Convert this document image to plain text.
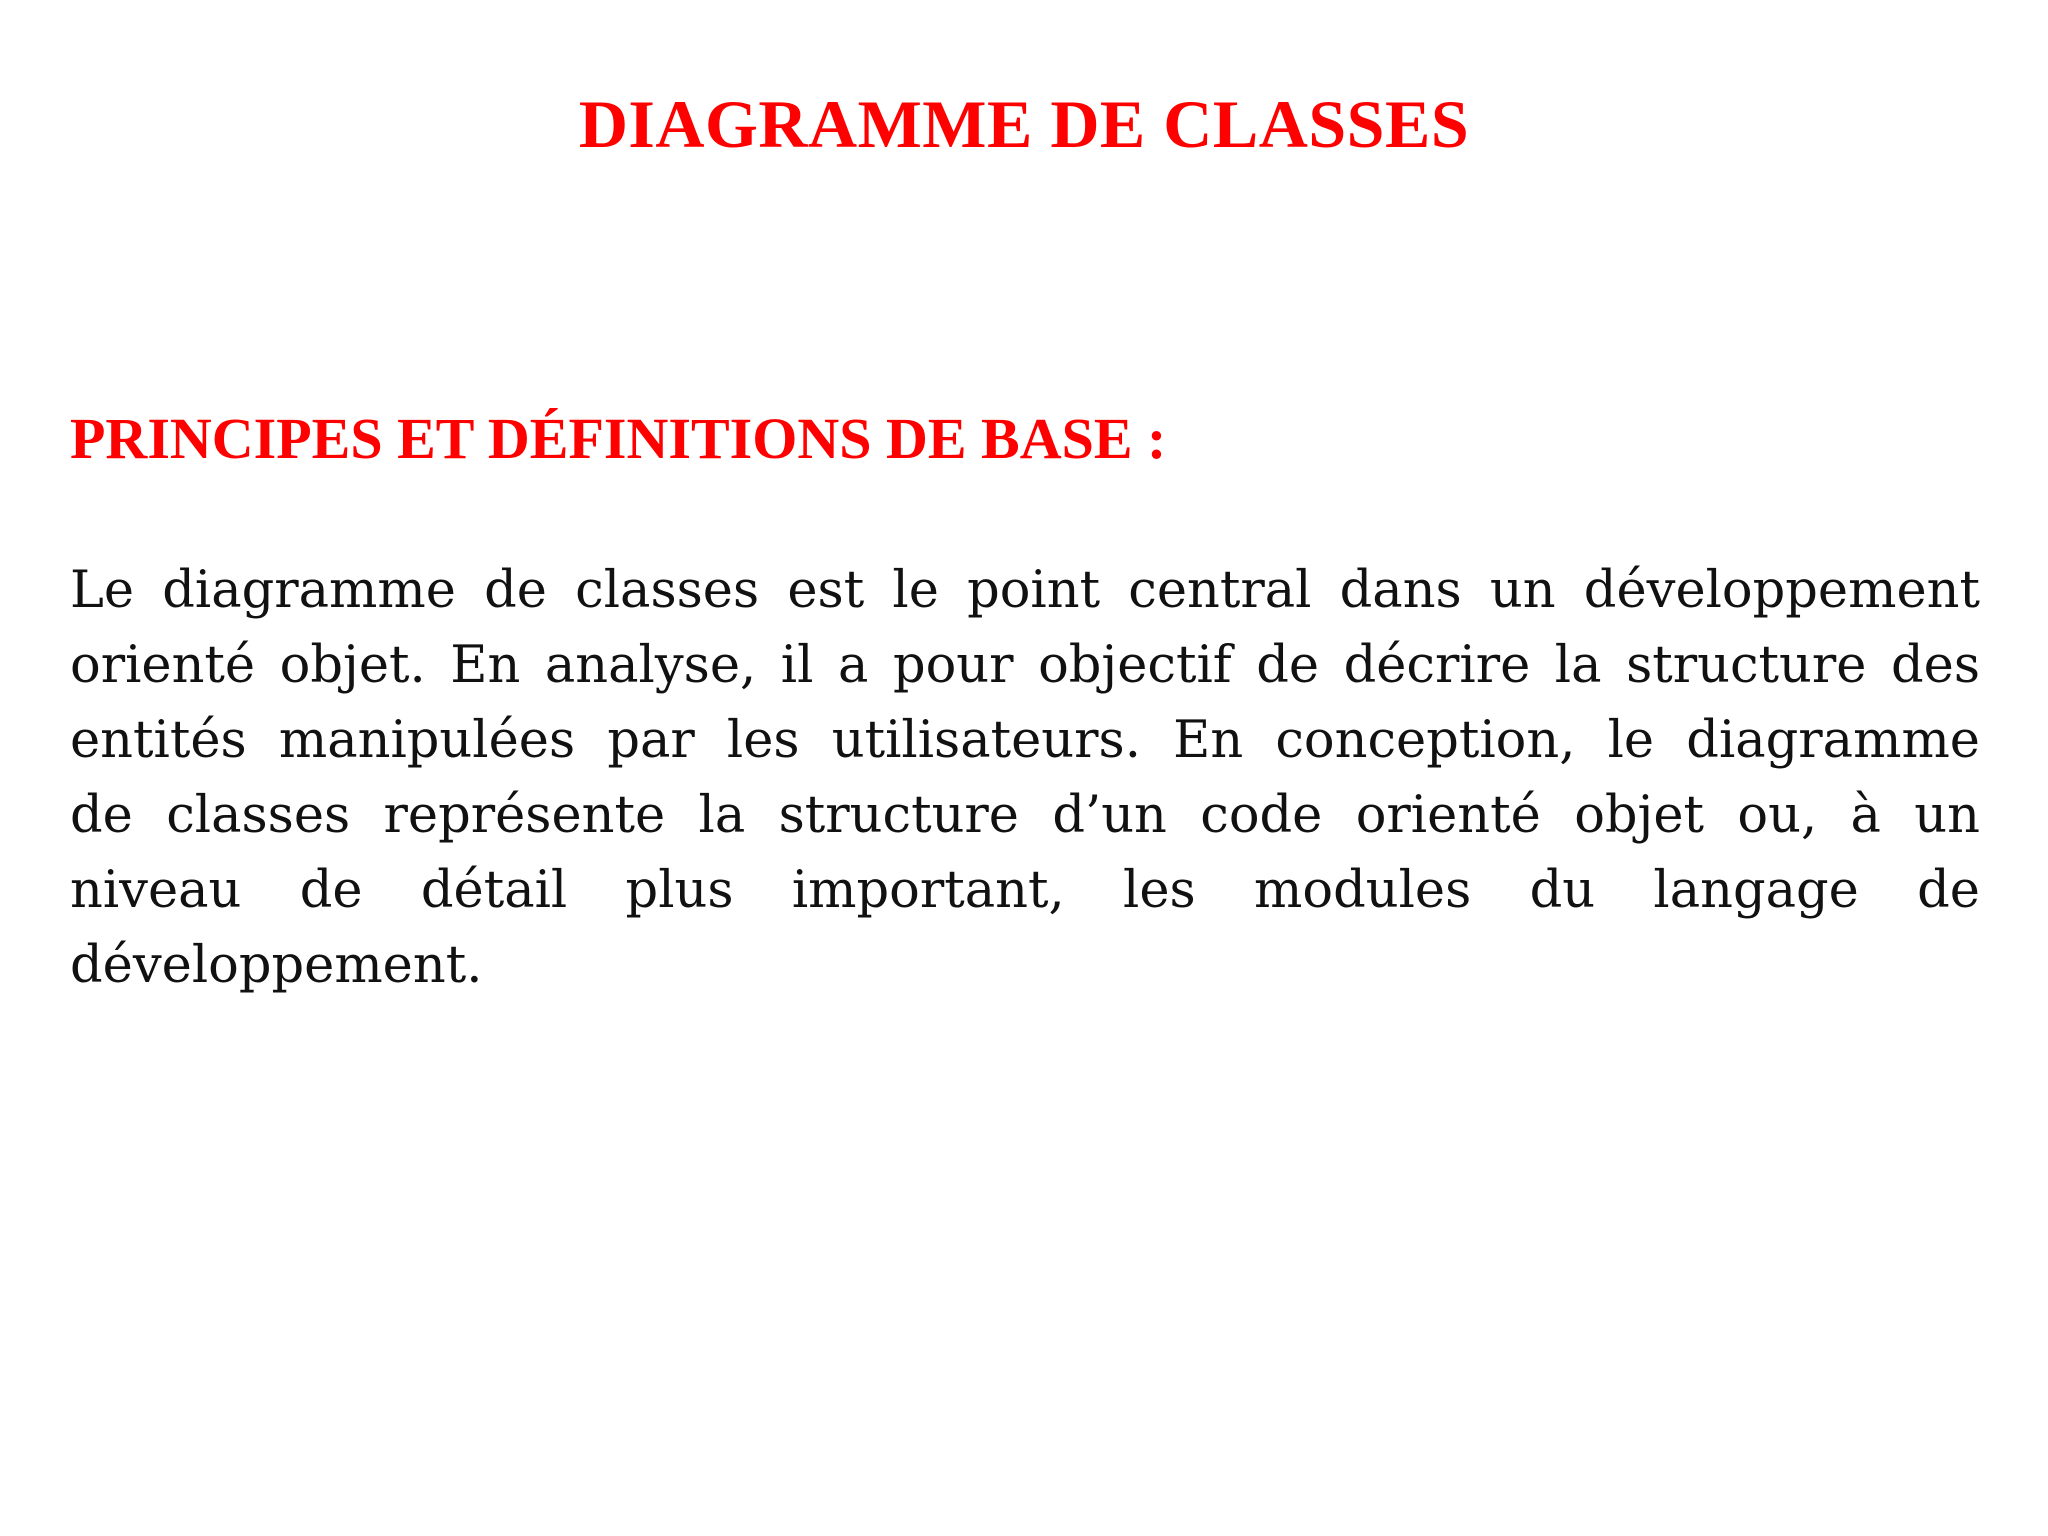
DIAGRAMME DE CLASSES
PRINCIPES ET DÉFINITIONS DE BASE :
Le diagramme de classes est le point central dans un développement
orienté objet. En analyse, il a pour objectif de décrire la structure des
entités manipulées par les utilisateurs. En conception, le diagramme
de classes représente la structure d’un code orienté objet ou, à un
niveau de détail plus important, les modules du langage de
développement.
